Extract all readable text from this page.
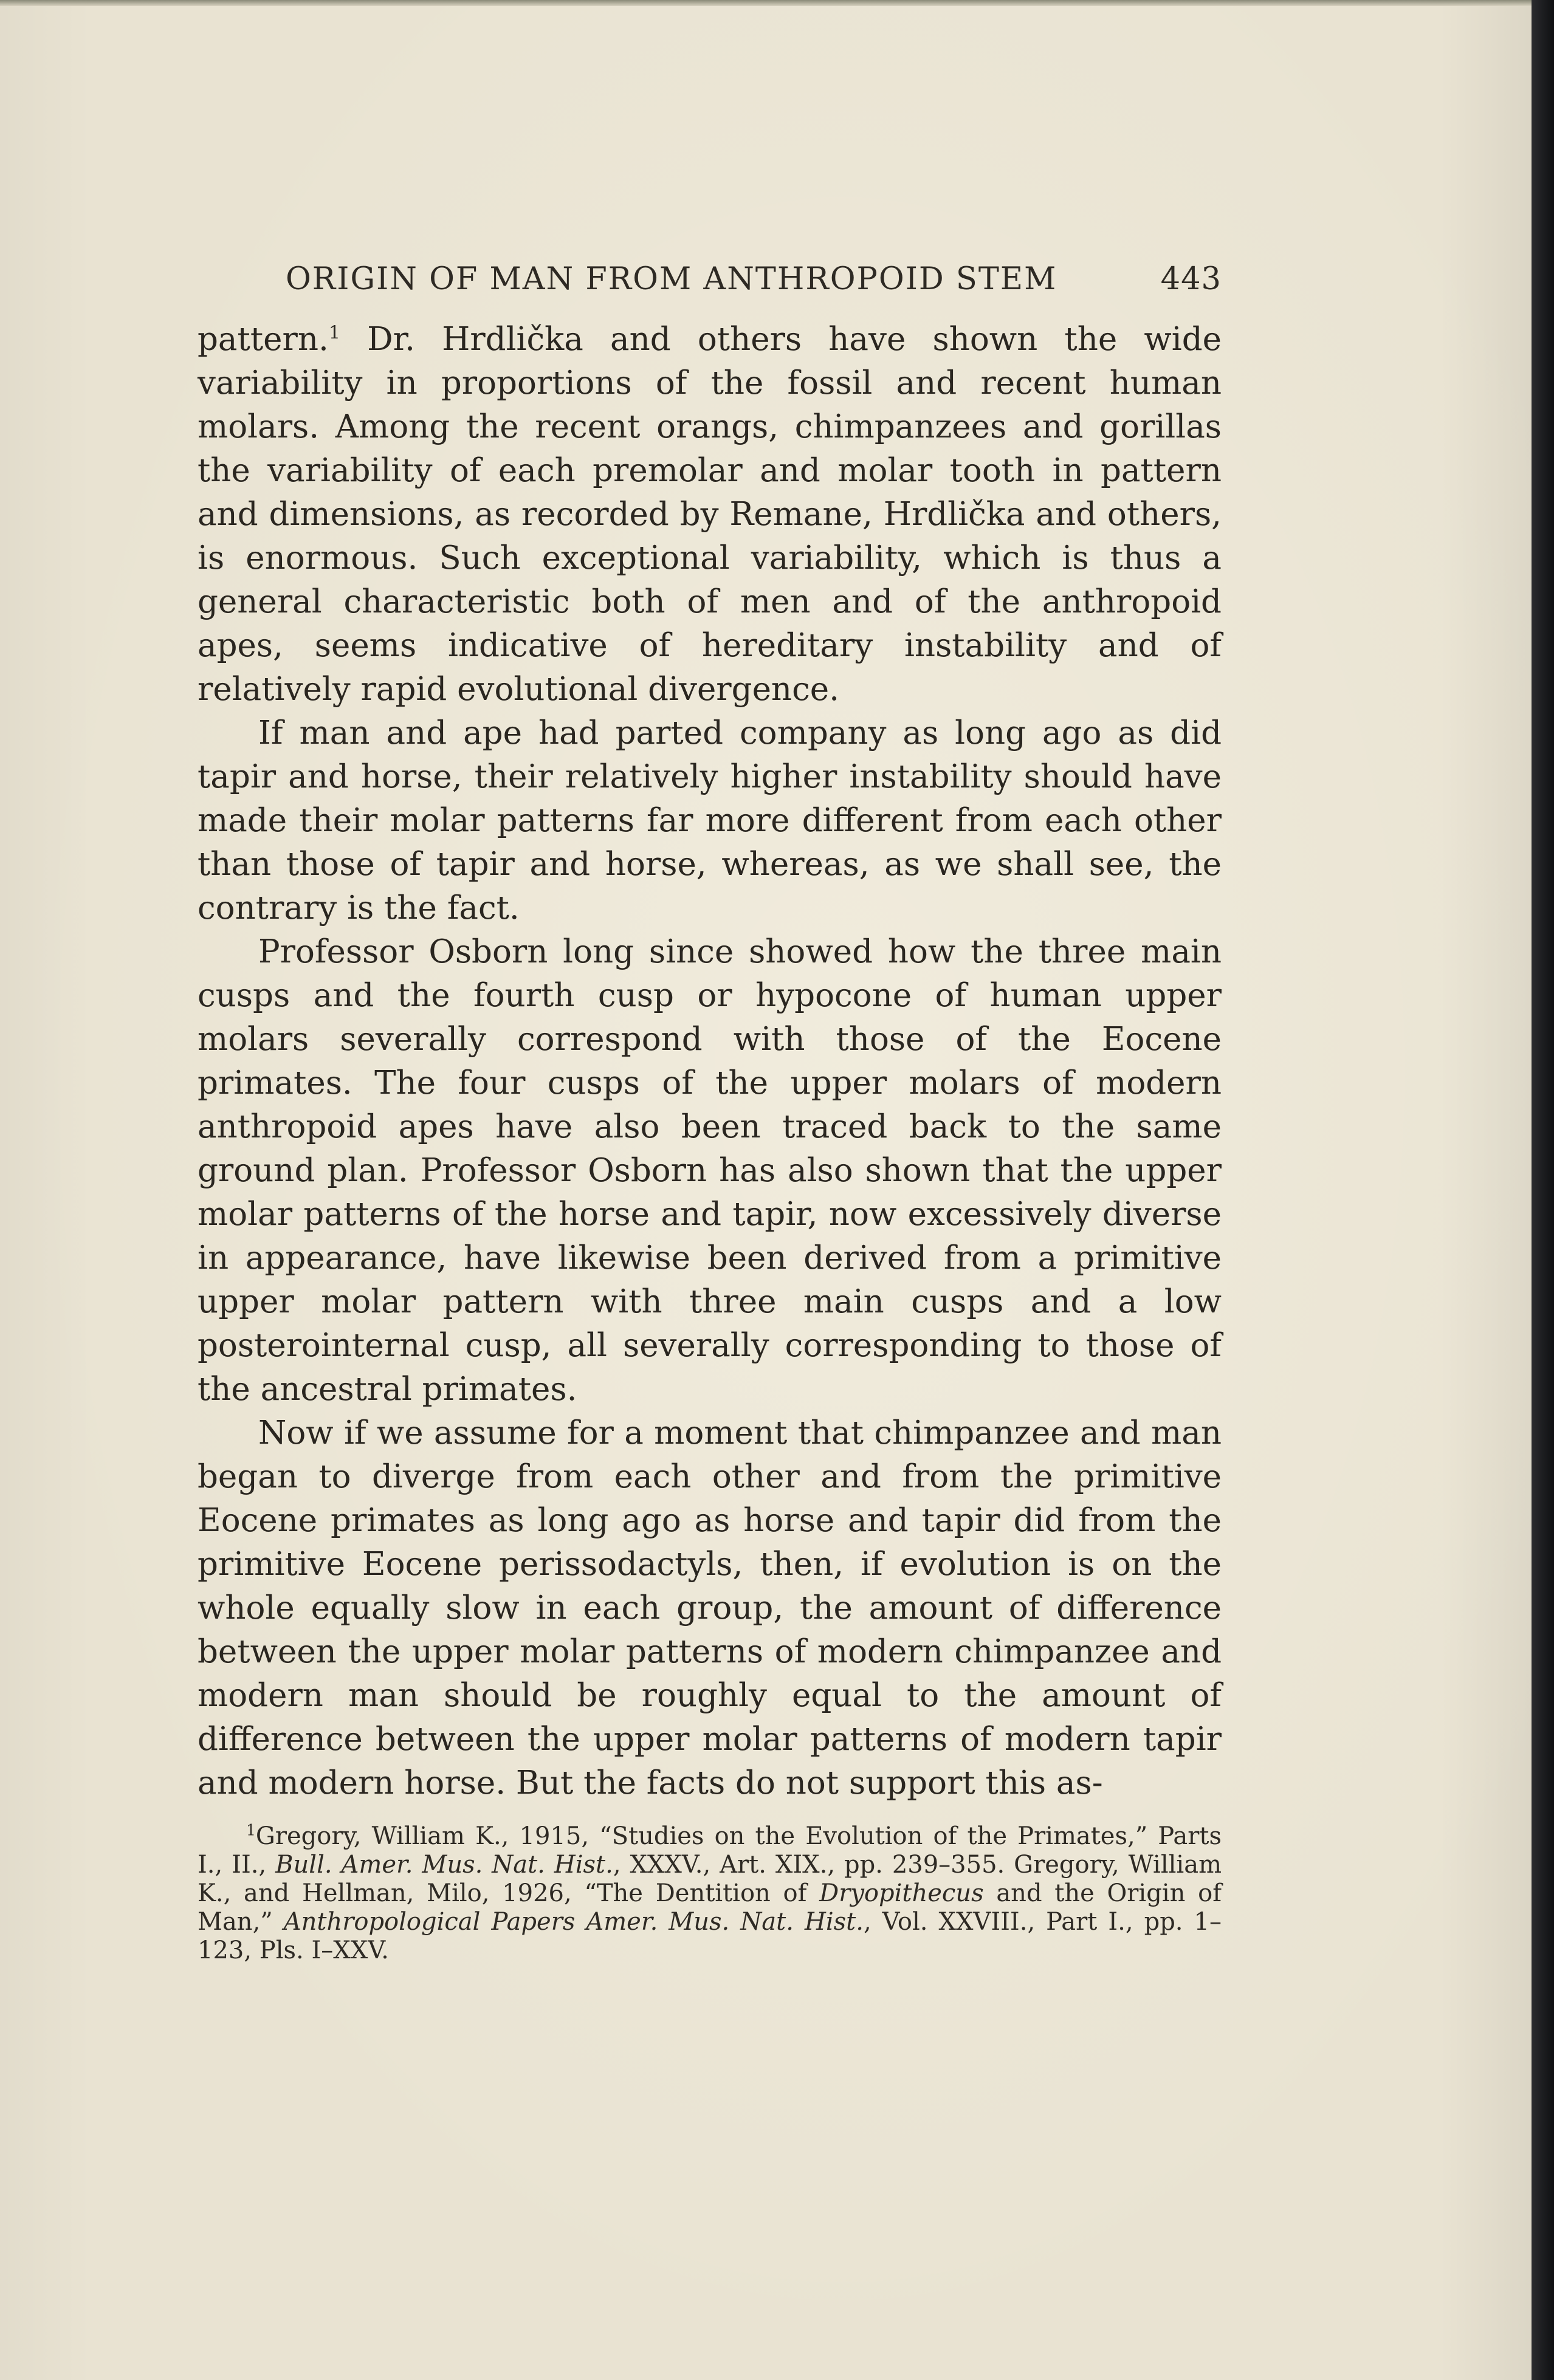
ORIGIN OF MAN FROM ANTHROPOID STEM	443

pattern.$^1$ Dr. Hrdlička and others have shown the wide variability in proportions of the fossil and recent human molars. Among the recent orangs, chimpanzees and gorillas the variability of each premolar and molar tooth in pattern and dimensions, as recorded by Remane, Hrdlička and others, is enormous. Such exceptional variability, which is thus a general characteristic both of men and of the anthropoid apes, seems indicative of hereditary instability and of relatively rapid evolutional divergence.

If man and ape had parted company as long ago as did tapir and horse, their relatively higher instability should have made their molar patterns far more different from each other than those of tapir and horse, whereas, as we shall see, the contrary is the fact.

Professor Osborn long since showed how the three main cusps and the fourth cusp or hypocone of human upper molars severally correspond with those of the Eocene primates. The four cusps of the upper molars of modern anthropoid apes have also been traced back to the same ground plan. Professor Osborn has also shown that the upper molar patterns of the horse and tapir, now excessively diverse in appearance, have likewise been derived from a primitive upper molar pattern with three main cusps and a low posterointernal cusp, all severally corresponding to those of the ancestral primates.

Now if we assume for a moment that chimpanzee and man began to diverge from each other and from the primitive Eocene primates as long ago as horse and tapir did from the primitive Eocene perissodactyls, then, if evolution is on the whole equally slow in each group, the amount of difference between the upper molar patterns of modern chimpanzee and modern man should be roughly equal to the amount of difference between the upper molar patterns of modern tapir and modern horse. But the facts do not support this as-

$^1$Gregory, William K., 1915, “Studies on the Evolution of the Primates,” Parts I., II., Bull. Amer. Mus. Nat. Hist., XXXV., Art. XIX., pp. 239–355. Gregory, William K., and Hellman, Milo, 1926, “The Dentition of Dryopithecus and the Origin of Man,” Anthropological Papers Amer. Mus. Nat. Hist., Vol. XXVIII., Part I., pp. 1–123, Pls. I–XXV.
